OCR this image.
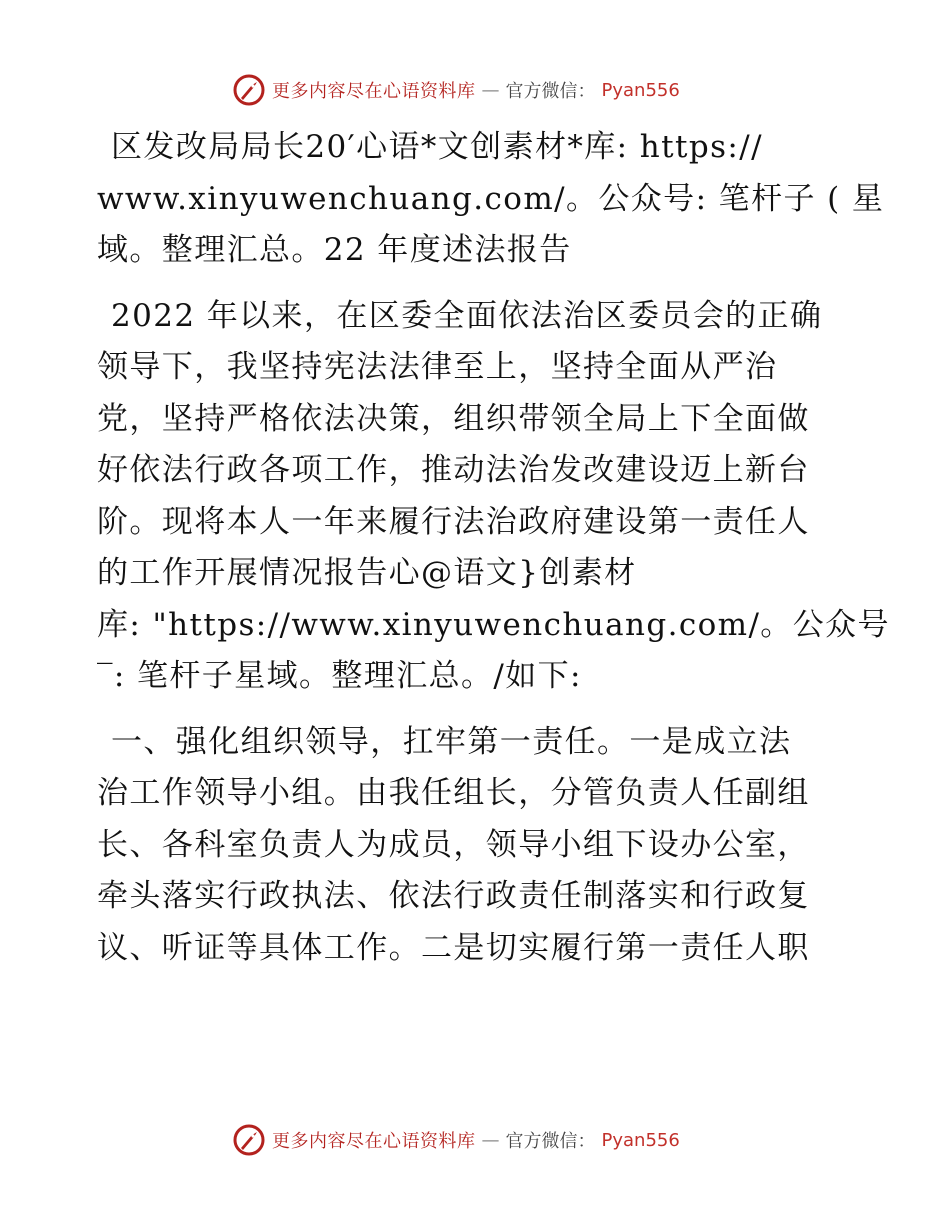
更多内容尽在心语资料库 — 官方微信： Pyan556
区发改局局长20′心语*文创素材*库: https://
www.xinyuwenchuang.com/。公众号: 笔杆子 ( 星
域。整理汇总。22 年度述法报告
2022 年以来，在区委全面依法治区委员会的正确
领导下，我坚持宪法法律至上，坚持全面从严治
党，坚持严格依法决策，组织带领全局上下全面做
好依法行政各项工作，推动法治发改建设迈上新台
阶。现将本人一年来履行法治政府建设第一责任人
的工作开展情况报告心@语文}创素材
库: "https://www.xinyuwenchuang.com/。公众号
‾: 笔杆子星域。整理汇总。/如下:
一、强化组织领导，扛牢第一责任。一是成立法
治工作领导小组。由我任组长，分管负责人任副组
长、各科室负责人为成员，领导小组下设办公室，
牵头落实行政执法、依法行政责任制落实和行政复
议、听证等具体工作。二是切实履行第一责任人职
更多内容尽在心语资料库 — 官方微信： Pyan556
